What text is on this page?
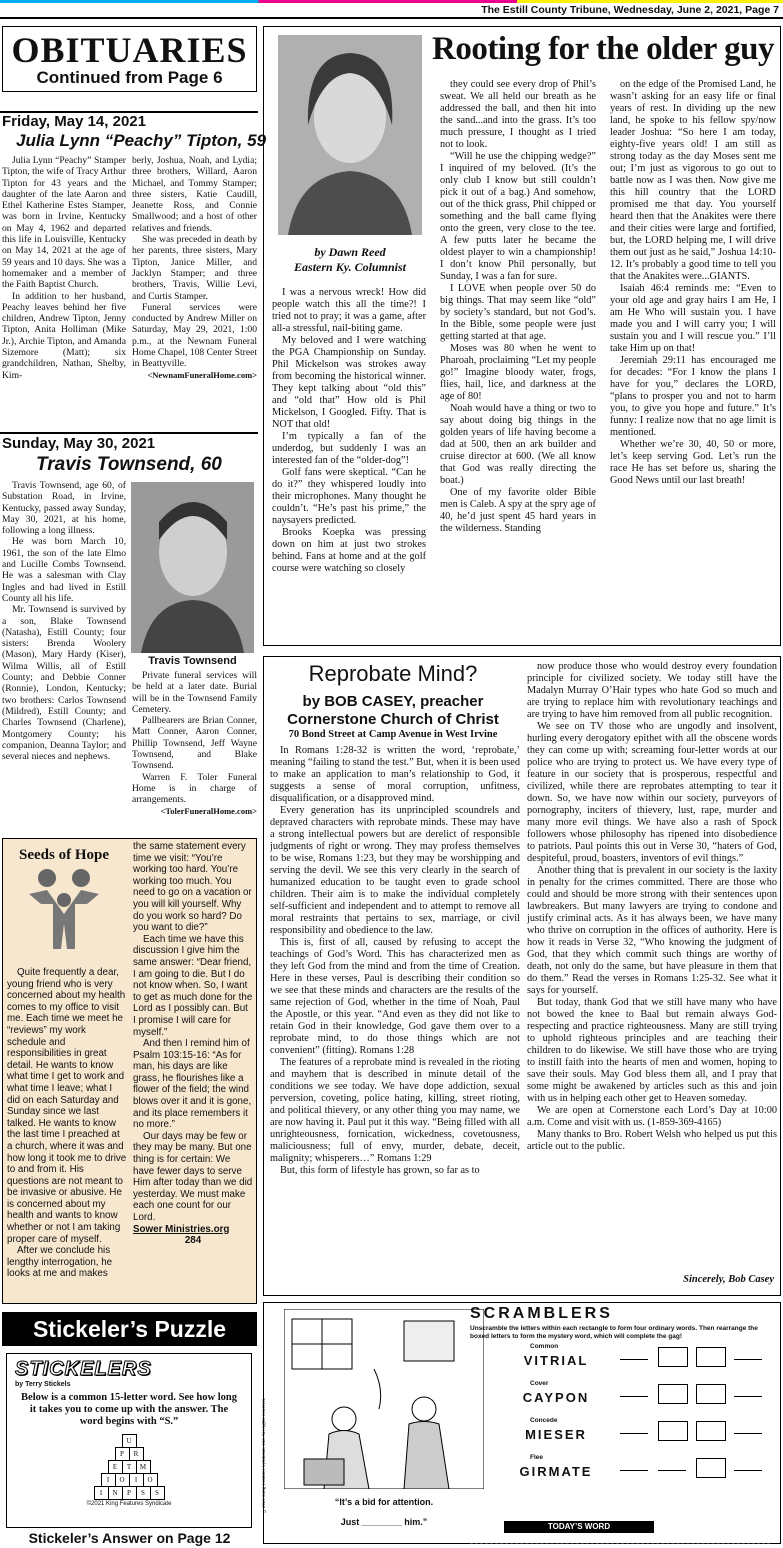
The Estill County Tribune, Wednesday, June 2, 2021, Page 7
OBITUARIES
Continued from Page 6
Friday, May 14, 2021
Julia Lynn “Peachy” Tipton, 59

Julia Lynn “Peachy” Stamper Tipton, the wife of Tracy Arthur Tipton for 43 years and the daughter of the late Aaron and Ethel Katherine Estes Stamper, was born in Irvine, Kentucky on May 4, 1962 and departed this life in Louisville, Kentucky on May 14, 2021 at the age of 59 years and 10 days. She was a homemaker and a member of the Faith Baptist Church.

In addition to her husband, Peachy leaves behind her five children, Andrew Tipton, Jenny Tipton, Anita Holliman (Mike Jr.), Archie Tipton, and Amanda Sizemore (Matt); six grandchildren, Nathan, Shelby, Kim-

berly, Joshua, Noah, and Lydia; three brothers, Willard, Aaron Michael, and Tommy Stamper; three sisters, Katie Caudill, Jeanette Ross, and Connie Smallwood; and a host of other relatives and friends.

She was preceded in death by her parents, three sisters, Mary Tipton, Janice Miller, and Jacklyn Stamper; and three brothers, Travis, Willie Levi, and Curtis Stamper.

Funeral services were conducted by Andrew Miller on Saturday, May 29, 2021, 1:00 p.m., at the Newnam Funeral Home Chapel, 108 Center Street in Beattyville.

<NewnamFuneralHome.com>

Sunday, May 30, 2021
Travis Townsend, 60

Travis Townsend, age 60, of Substation Road, in Irvine, Kentucky, passed away Sunday, May 30, 2021, at his home, following a long illness.

He was born March 10, 1961, the son of the late Elmo and Lucille Combs Townsend. He was a salesman with Clay Ingles and had lived in Estill County all his life.

Mr. Townsend is survived by a son, Blake Townsend (Natasha), Estill County; four sisters: Brenda Woolery (Mason), Mary Hardy (Kiser), Wilma Willis, all of Estill County; and Debbie Conner (Ronnie), London, Kentucky; two brothers: Carlos Townsend (Mildred), Estill County; and Charles Townsend (Charlene), Montgomery County; his companion, Deanna Taylor; and several nieces and nephews.

Travis Townsend

Private funeral services will be held at a later date. Burial will be in the Townsend Family Cemetery.

Pallbearers are Brian Conner, Matt Conner, Aaron Conner, Phillip Townsend, Jeff Wayne Townsend, and Blake Townsend.

Warren F. Toler Funeral Home is in charge of arrangements.

<TolerFuneralHome.com>

Seeds of Hope

Quite frequently a dear, young friend who is very concerned about my health comes to my office to visit me. Each time we meet he “reviews” my work schedule and responsibilities in great detail. He wants to know what time I get to work and what time I leave; what I did on each Saturday and Sunday since we last talked. He wants to know the last time I preached at a church, where it was and how long it took me to drive to and from it. His questions are not meant to be invasive or abusive. He is concerned about my health and wants to know whether or not I am taking proper care of myself.

After we conclude his lengthy interrogation, he looks at me and makes

the same statement every time we visit: “You’re working too hard. You’re working too much. You need to go on a vacation or you will kill yourself. Why do you work so hard? Do you want to die?”

Each time we have this discussion I give him the same answer: “Dear friend, I am going to die. But I do not know when. So, I want to get as much done for the Lord as I possibly can. But I promise I will care for myself.”

And then I remind him of Psalm 103:15-16: “As for man, his days are like grass, he flourishes like a flower of the field; the wind blows over it and it is gone, and its place remembers it no more.”

Our days may be few or they may be many. But one thing is for certain: We have fewer days to serve Him after today than we did yesterday. We must make each one count for our Lord.

Sower Ministries.org

284

Stickeler’s Puzzle
STICKELERS
by Terry Stickels
Below is a common 15-letter word. See how long it takes you to come up with the answer. The word begins with “S.”
U
P	R
E	T	M
I	O	I	O
I	N	P	S	S
©2021 King Features Syndicate
Stickeler’s Answer on Page 12
by Dawn Reed
Eastern Ky. Columnist
Rooting for the older guy

I was a nervous wreck! How did people watch this all the time?! I tried not to pray; it was a game, after all-a stressful, nail-biting game.

My beloved and I were watching the PGA Championship on Sunday. Phil Mickelson was strokes away from becoming the historical winner. They kept talking about “old this” and “old that” How old is Phil Mickelson, I Googled. Fifty. That is NOT that old!

I’m typically a fan of the underdog, but suddenly I was an interested fan of the “older-dog”!

Golf fans were skeptical. “Can he do it?” they whispered loudly into their microphones. Many thought he couldn’t. “He’s past his prime,” the naysayers predicted.

Brooks Koepka was pressing down on him at just two strokes behind. Fans at home and at the golf course were watching so closely

they could see every drop of Phil’s sweat. We all held our breath as he addressed the ball, and then hit into the sand...and into the grass. It’s too much pressure, I thought as I tried not to look.

“Will he use the chipping wedge?” I inquired of my beloved. (It’s the only club I know but still couldn’t pick it out of a bag.) And somehow, out of the thick grass, Phil chipped or something and the ball came flying onto the green, very close to the tee. A few putts later he became the oldest player to win a championship! I don’t know Phil personally, but Sunday, I was a fan for sure.

I LOVE when people over 50 do big things. That may seem like “old” by society’s standard, but not God’s. In the Bible, some people were just getting started at that age.

Moses was 80 when he went to Pharoah, proclaiming “Let my people go!” Imagine bloody water, frogs, flies, hail, lice, and darkness at the age of 80!

Noah would have a thing or two to say about doing big things in the golden years of life having become a dad at 500, then an ark builder and cruise director at 600. (We all know that God was really directing the boat.)

One of my favorite older Bible men is Caleb. A spy at the spry age of 40, he’d just spent 45 hard years in the wilderness. Standing

on the edge of the Promised Land, he wasn’t asking for an easy life or final years of rest. In dividing up the new land, he spoke to his fellow spy/now leader Joshua: “So here I am today, eighty-five years old! I am still as strong today as the day Moses sent me out; I’m just as vigorous to go out to battle now as I was then. Now give me this hill country that the LORD promised me that day. You yourself heard then that the Anakites were there and their cities were large and fortified, but, the LORD helping me, I will drive them out just as he said,” Joshua 14:10-12. It’s probably a good time to tell you that the Anakites were...GIANTS.

Isaiah 46:4 reminds me: “Even to your old age and gray hairs I am He, I am He Who will sustain you. I have made you and I will carry you; I will sustain you and I will rescue you.” I’ll take Him up on that!

Jeremiah 29:11 has encouraged me for decades: “For I know the plans I have for you,” declares the LORD, “plans to prosper you and not to harm you, to give you hope and future.” It’s funny: I realize now that no age limit is mentioned.

Whether we’re 30, 40, 50 or more, let’s keep serving God. Let’s run the race He has set before us, sharing the Good News until our last breath!

Reprobate Mind?
by BOB CASEY, preacher
Cornerstone Church of Christ
70 Bond Street at Camp Avenue in West Irvine

In Romans 1:28-32 is written the word, ‘reprobate,’ meaning “failing to stand the test.” But, when it is been used to make an application to man’s relationship to God, it suggests a sense of moral corruption, unfitness, disqualification, or a disapproved mind.

Every generation has its unprincipled scoundrels and depraved characters with reprobate minds. These may have a strong intellectual powers but are derelict of responsible judgments of right or wrong. They may profess themselves to be wise, Romans 1:23, but they may be worshipping and serving the devil. We see this very clearly in the search of humanized education to be taught even to grade school children. Their aim is to make the individual completely self-sufficient and independent and to attempt to remove all moral restraints that pertains to sex, marriage, or civil responsibility and obedience to the law.

This is, first of all, caused by refusing to accept the teachings of God’s Word. This has characterized men as they left God from the mind and from the time of Creation. Here in these verses, Paul is describing their condition so we see that these minds and characters are the results of the same rejection of God, whether in the time of Noah, Paul the Apostle, or this year. “And even as they did not like to retain God in their knowledge, God gave them over to a reprobate mind, to do those things which are not convenient” (fitting). Romans 1:28

The features of a reprobate mind is revealed in the rioting and mayhem that is described in minute detail of the conditions we see today. We have dope addiction, sexual perversion, coveting, police hating, killing, street rioting, and political thievery, or any other thing you may name, we are now having it. Paul put it this way. “Being filled with all unrighteousness, fornication, wickedness, covetousness, maliciousness; full of envy, murder, debate, deceit, malignity; whisperers…” Romans 1:29

But, this form of lifestyle has grown, so far as to

now produce those who would destroy every foundation principle for civilized society. We today still have the Madalyn Murray O’Hair types who hate God so much and are trying to replace him with revolutionary teachings and are trying to have him removed from all public recognition.

We see on TV those who are ungodly and insolvent, hurling every derogatory epithet with all the obscene words they can come up with; screaming four-letter words at our police who are trying to protect us. We have every type of feature in our society that is prosperous, respectful and civilized, while there are reprobates attempting to tear it down. So, we have now within our society, purveyors of pornography, inciters of thievery, lust, rape, murder and many more evil things. We have also a rash of Spock followers whose philosophy has ripened into disobedience to patriots. Paul points this out in Verse 30, “haters of God, despiteful, proud, boasters, inventors of evil things.”

Another thing that is prevalent in our society is the laxity in penalty for the crimes committed. There are those who could and should be more strong with their sentences upon lawbreakers. But many lawyers are trying to condone and justify criminal acts. As it has always been, we have many who thrive on corruption in the offices of authority. Here is how it reads in Verse 32, “Who knowing the judgment of God, that they which commit such things are worthy of death, not only do the same, but have pleasure in them that do them.” Read the verses in Romans 1:25-32. See what it says for yourself.

But today, thank God that we still have many who have not bowed the knee to Baal but remain always God-respecting and practice righteousness. Many are still trying to uphold righteous principles and are teaching their children to do likewise. We still have those who are trying to instill faith into the hearts of men and women, hoping to save their souls. May God bless them all, and I pray that some might be awakened by articles such as this and join with us in helping each other get to Heaven someday.

We are open at Cornerstone each Lord’s Day at 10:00 a.m. Come and visit with us. (1-859-369-4165)

Many thanks to Bro. Robert Welsh who helped us put this article out to the public.

Sincerely, Bob Casey
©2021 King Features Syndicate, Inc. All rights reserved.	“It’s a bid for attention.
Just ________ him.”
SCRAMBLERS
Unscramble the letters within each rectangle to form four ordinary words. Then rearrange the boxed letters to form the mystery word, which will complete the gag!
Common
VITRIAL
Cover
CAYPON
Concede
MIESER
Flee
GIRMATE
TODAY’S WORD
